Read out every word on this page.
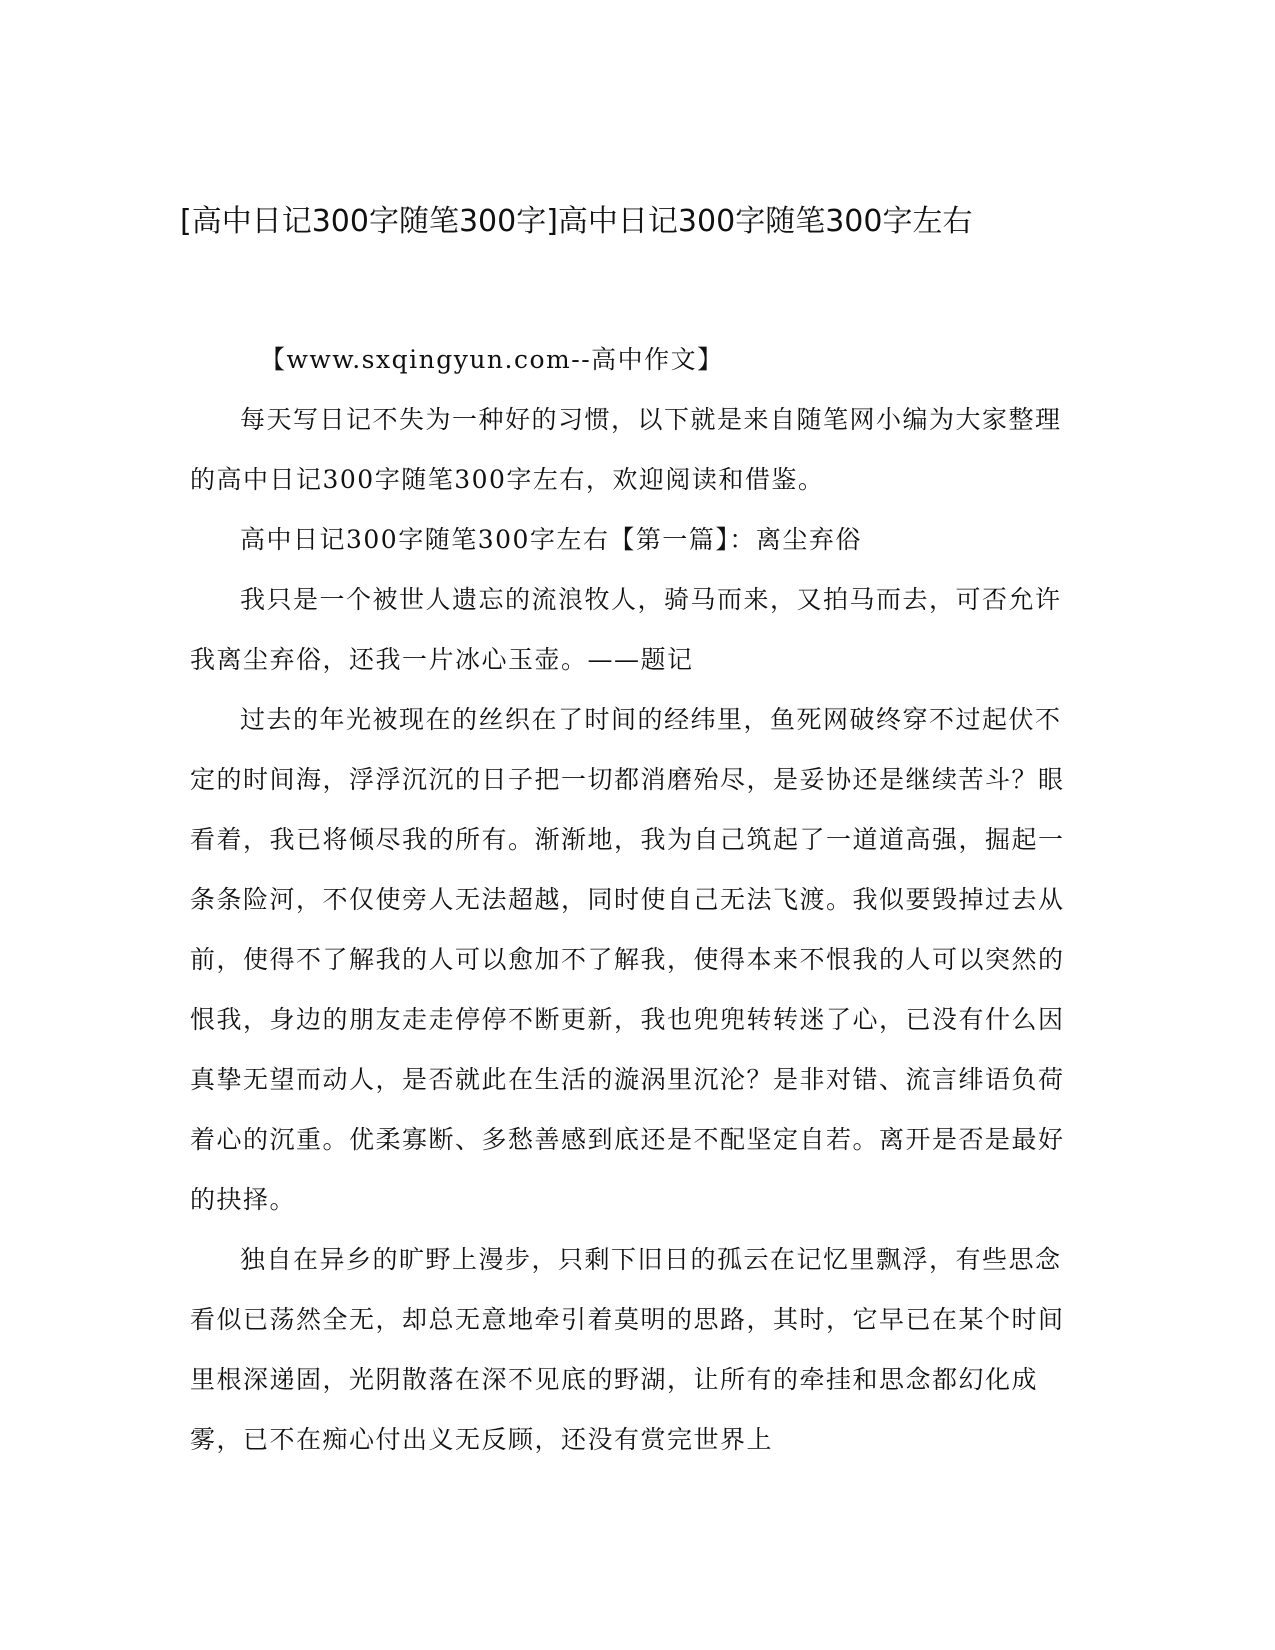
[高中日记300字随笔300字]高中日记300字随笔300字左右

【www.sxqingyun.com--高中作文】

每天写日记不失为一种好的习惯，以下就是来自随笔网小编为大家整理的高中日记300字随笔300字左右，欢迎阅读和借鉴。

高中日记300字随笔300字左右【第一篇】：离尘弃俗

我只是一个被世人遗忘的流浪牧人，骑马而来，又拍马而去，可否允许我离尘弃俗，还我一片冰心玉壶。——题记

过去的年光被现在的丝织在了时间的经纬里，鱼死网破终穿不过起伏不定的时间海，浮浮沉沉的日子把一切都消磨殆尽，是妥协还是继续苦斗？眼看着，我已将倾尽我的所有。渐渐地，我为自己筑起了一道道高强，掘起一条条险河，不仅使旁人无法超越，同时使自己无法飞渡。我似要毁掉过去从前，使得不了解我的人可以愈加不了解我，使得本来不恨我的人可以突然的恨我，身边的朋友走走停停不断更新，我也兜兜转转迷了心，已没有什么因真挚无望而动人，是否就此在生活的漩涡里沉沦？是非对错、流言绯语负荷着心的沉重。优柔寡断、多愁善感到底还是不配坚定自若。离开是否是最好的抉择。

独自在异乡的旷野上漫步，只剩下旧日的孤云在记忆里飘浮，有些思念看似已荡然全无，却总无意地牵引着莫明的思路，其时，它早已在某个时间里根深递固，光阴散落在深不见底的野湖，让所有的牵挂和思念都幻化成雾，已不在痴心付出义无反顾，还没有赏完世界上
